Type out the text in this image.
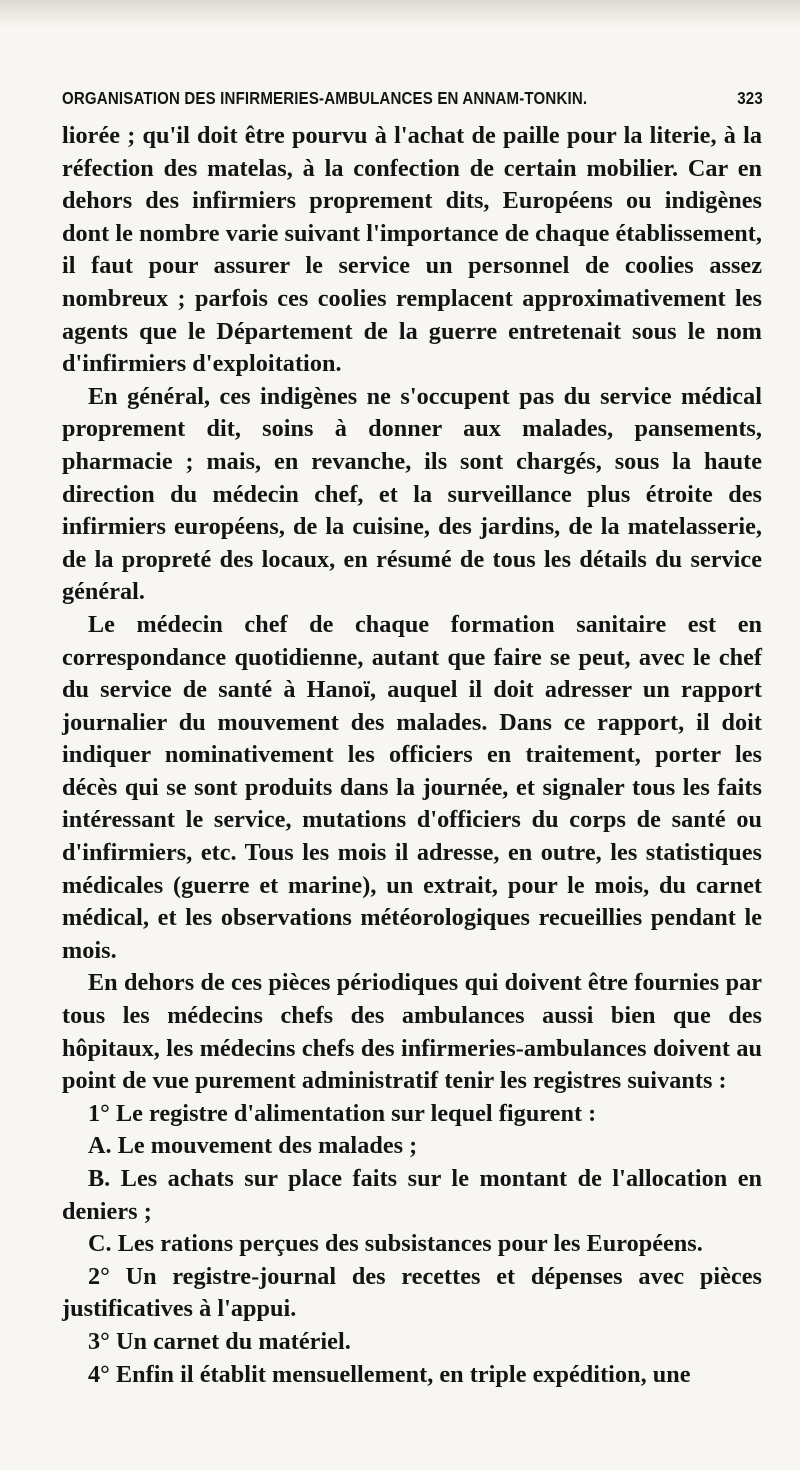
ORGANISATION DES INFIRMERIES-AMBULANCES EN ANNAM-TONKIN.	323

liorée ; qu'il doit être pourvu à l'achat de paille pour la literie, à la réfection des matelas, à la confection de certain mobilier. Car en dehors des infirmiers proprement dits, Européens ou indigènes dont le nombre varie suivant l'importance de chaque établissement, il faut pour assurer le service un personnel de coolies assez nombreux ; parfois ces coolies remplacent approximativement les agents que le Département de la guerre entretenait sous le nom d'infirmiers d'exploitation.

En général, ces indigènes ne s'occupent pas du service médical proprement dit, soins à donner aux malades, pansements, pharmacie ; mais, en revanche, ils sont chargés, sous la haute direction du médecin chef, et la surveillance plus étroite des infirmiers européens, de la cuisine, des jardins, de la matelasserie, de la propreté des locaux, en résumé de tous les détails du service général.

Le médecin chef de chaque formation sanitaire est en correspondance quotidienne, autant que faire se peut, avec le chef du service de santé à Hanoï, auquel il doit adresser un rapport journalier du mouvement des malades. Dans ce rapport, il doit indiquer nominativement les officiers en traitement, porter les décès qui se sont produits dans la journée, et signaler tous les faits intéressant le service, mutations d'officiers du corps de santé ou d'infirmiers, etc. Tous les mois il adresse, en outre, les statistiques médicales (guerre et marine), un extrait, pour le mois, du carnet médical, et les observations météorologiques recueillies pendant le mois.

En dehors de ces pièces périodiques qui doivent être fournies par tous les médecins chefs des ambulances aussi bien que des hôpitaux, les médecins chefs des infirmeries-ambulances doivent au point de vue purement administratif tenir les registres suivants :

1° Le registre d'alimentation sur lequel figurent :

A. Le mouvement des malades ;

B. Les achats sur place faits sur le montant de l'allocation en deniers ;

C. Les rations perçues des subsistances pour les Européens.

2° Un registre-journal des recettes et dépenses avec pièces justificatives à l'appui.

3° Un carnet du matériel.

4° Enfin il établit mensuellement, en triple expédition, une
